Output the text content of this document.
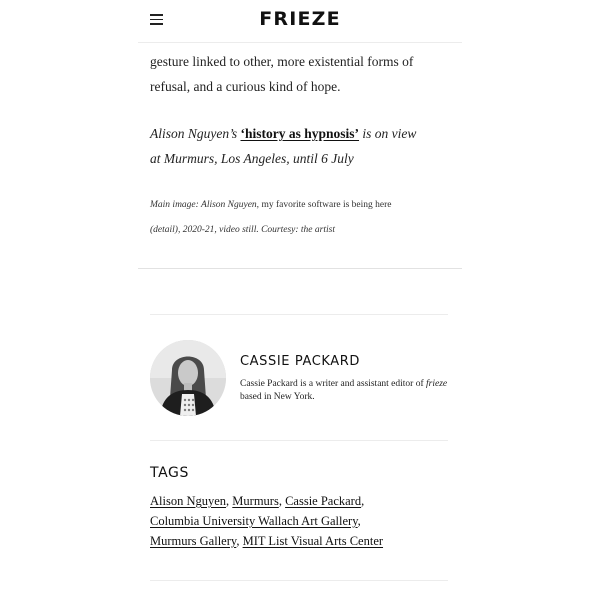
FRIEZE

gesture linked to other, more existential forms of refusal, and a curious kind of hope.

Alison Nguyen’s ‘history as hypnosis’ is on view
at Murmurs, Los Angeles, until 6 July

Main image: Alison Nguyen, my favorite software is being here
(detail), 2020-21, video still. Courtesy: the artist
CASSIE PACKARD
Cassie Packard is a writer and assistant editor of frieze based in New York.
TAGS
Alison Nguyen, Murmurs, Cassie Packard,
Columbia University Wallach Art Gallery,
Murmurs Gallery, MIT List Visual Arts Center
